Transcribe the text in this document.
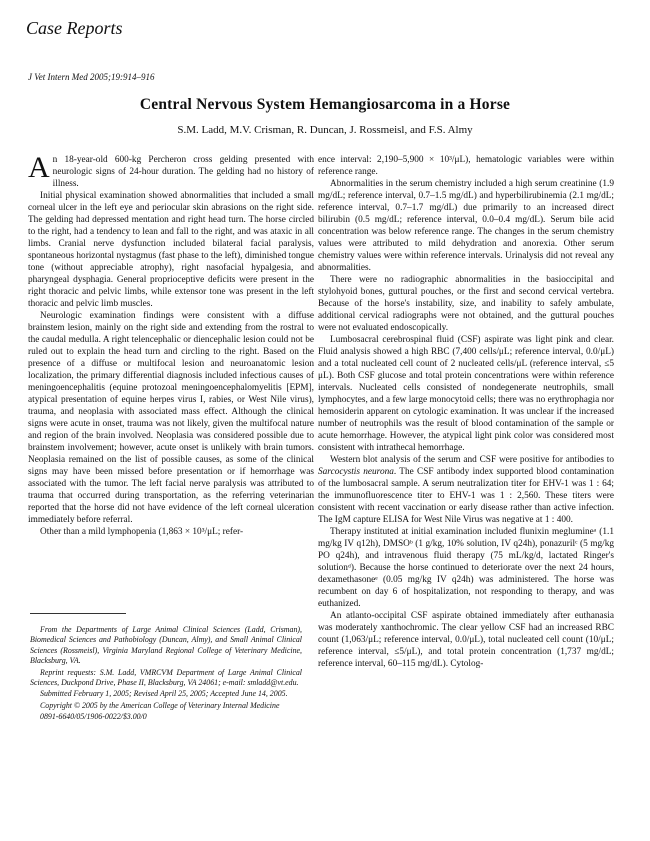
Case Reports
J Vet Intern Med 2005;19:914–916
Central Nervous System Hemangiosarcoma in a Horse
S.M. Ladd, M.V. Crisman, R. Duncan, J. Rossmeisl, and F.S. Almy

An 18-year-old 600-kg Percheron cross gelding presented with neurologic signs of 24-hour duration. The gelding had no history of illness.

Initial physical examination showed abnormalities that included a small corneal ulcer in the left eye and periocular skin abrasions on the right side. The gelding had depressed mentation and right head turn. The horse circled to the right, had a tendency to lean and fall to the right, and was ataxic in all limbs. Cranial nerve dysfunction included bilateral facial paralysis, spontaneous horizontal nystagmus (fast phase to the left), diminished tongue tone (without appreciable atrophy), right nasofacial hypalgesia, and pharyngeal dysphagia. General proprioceptive deficits were present in the right thoracic and pelvic limbs, while extensor tone was present in the left thoracic and pelvic limb muscles.

Neurologic examination findings were consistent with a diffuse brainstem lesion, mainly on the right side and extending from the rostral to the caudal medulla. A right telencephalic or diencephalic lesion could not be ruled out to explain the head turn and circling to the right. Based on the presence of a diffuse or multifocal lesion and neuroanatomic lesion localization, the primary differential diagnosis included infectious causes of meningoencephalitis (equine protozoal meningoencephalomyelitis [EPM], atypical presentation of equine herpes virus I, rabies, or West Nile virus), trauma, and neoplasia with associated mass effect. Although the clinical signs were acute in onset, trauma was not likely, given the multifocal nature and region of the brain involved. Neoplasia was considered possible due to brainstem involvement; however, acute onset is unlikely with brain tumors. Neoplasia remained on the list of possible causes, as some of the clinical signs may have been missed before presentation or if hemorrhage was associated with the tumor. The left facial nerve paralysis was attributed to trauma that occurred during transportation, as the referring veterinarian reported that the horse did not have evidence of the left corneal ulceration immediately before referral.

Other than a mild lymphopenia (1,863 × 10³/μL; refer-

From the Departments of Large Animal Clinical Sciences (Ladd, Crisman), Biomedical Sciences and Pathobiology (Duncan, Almy), and Small Animal Clinical Sciences (Rossmeisl), Virginia Maryland Regional College of Veterinary Medicine, Blacksburg, VA.

Reprint requests: S.M. Ladd, VMRCVM Department of Large Animal Clinical Sciences, Duckpond Drive, Phase II, Blacksburg, VA 24061; e-mail: smladd@vt.edu.

Submitted February 1, 2005; Revised April 25, 2005; Accepted June 14, 2005.

Copyright © 2005 by the American College of Veterinary Internal Medicine

0891-6640/05/1906-0022/$3.00/0

ence interval: 2,190–5,900 × 10³/μL), hematologic variables were within reference range.

Abnormalities in the serum chemistry included a high serum creatinine (1.9 mg/dL; reference interval, 0.7–1.5 mg/dL) and hyperbilirubinemia (2.1 mg/dL; reference interval, 0.7–1.7 mg/dL) due primarily to an increased direct bilirubin (0.5 mg/dL; reference interval, 0.0–0.4 mg/dL). Serum bile acid concentration was below reference range. The changes in the serum chemistry values were attributed to mild dehydration and anorexia. Other serum chemistry values were within reference intervals. Urinalysis did not reveal any abnormalities.

There were no radiographic abnormalities in the basioccipital and stylohyoid bones, guttural pouches, or the first and second cervical vertebra. Because of the horse's instability, size, and inability to safely ambulate, additional cervical radiographs were not obtained, and the guttural pouches were not evaluated endoscopically.

Lumbosacral cerebrospinal fluid (CSF) aspirate was light pink and clear. Fluid analysis showed a high RBC (7,400 cells/μL; reference interval, 0.0/μL) and a total nucleated cell count of 2 nucleated cells/μL (reference interval, ≤5 μL). Both CSF glucose and total protein concentrations were within reference intervals. Nucleated cells consisted of nondegenerate neutrophils, small lymphocytes, and a few large monocytoid cells; there was no erythrophagia nor hemosiderin apparent on cytologic examination. It was unclear if the increased number of neutrophils was the result of blood contamination of the sample or acute hemorrhage. However, the atypical light pink color was considered most consistent with intrathecal hemorrhage.

Western blot analysis of the serum and CSF were positive for antibodies to Sarcocystis neurona. The CSF antibody index supported blood contamination of the lumbosacral sample. A serum neutralization titer for EHV-1 was 1 : 64; the immunofluorescence titer to EHV-1 was 1 : 2,560. These titers were consistent with recent vaccination or early disease rather than active infection. The IgM capture ELISA for West Nile Virus was negative at 1 : 400.

Therapy instituted at initial examination included flunixin meglumineᵃ (1.1 mg/kg IV q12h), DMSOᵇ (1 g/kg, 10% solution, IV q24h), ponazurilᶜ (5 mg/kg PO q24h), and intravenous fluid therapy (75 mL/kg/d, lactated Ringer's solutionᵈ). Because the horse continued to deteriorate over the next 24 hours, dexamethasoneᵉ (0.05 mg/kg IV q24h) was administered. The horse was recumbent on day 6 of hospitalization, not responding to therapy, and was euthanized.

An atlanto-occipital CSF aspirate obtained immediately after euthanasia was moderately xanthochromic. The clear yellow CSF had an increased RBC count (1,063/μL; reference interval, 0.0/μL), total nucleated cell count (10/μL; reference interval, ≤5/μL), and total protein concentration (1,737 mg/dL; reference interval, 60–115 mg/dL). Cytolog-
